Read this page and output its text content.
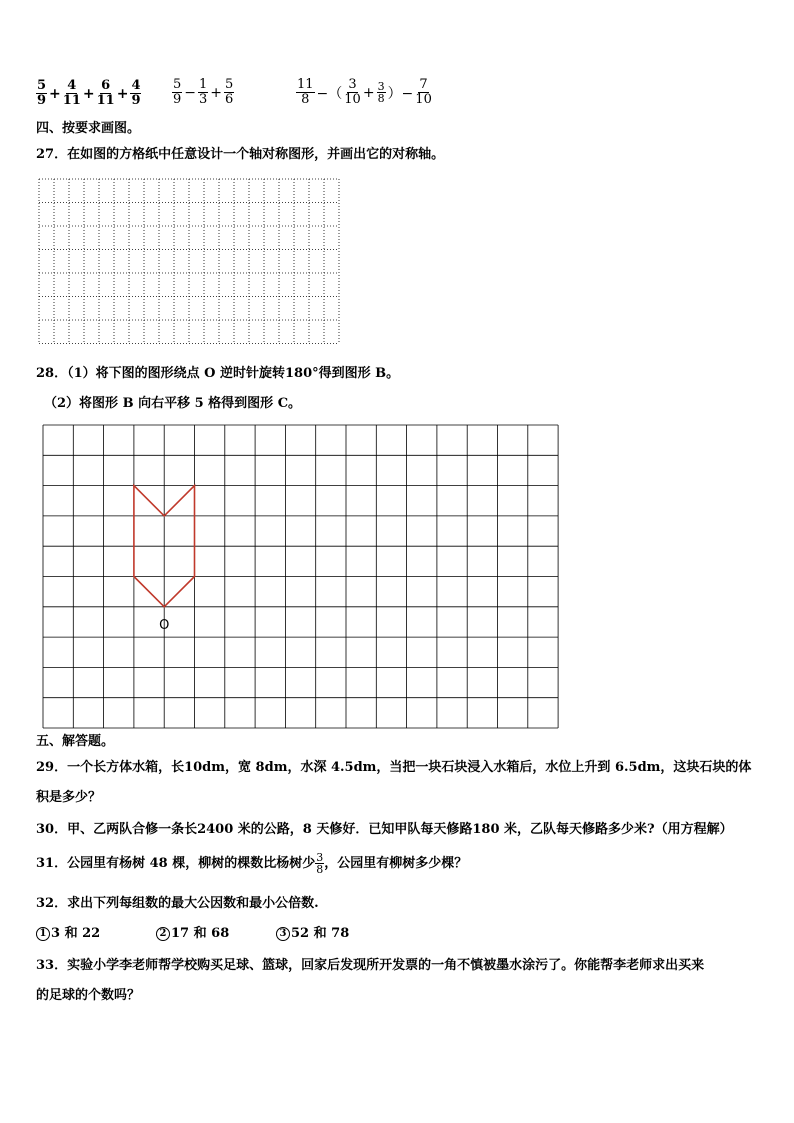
$\frac{5}{9} + \frac{4}{11} + \frac{6}{11} + \frac{4}{9} \frac{5}{9} - \frac{1}{3} + \frac{5}{6}$	$\frac{11}{8}$ −（ $\frac{3}{10} + \frac{3}{8}$ ）− $\frac{7}{10}$
四、按要求画图。
27．在如图的方格纸中任意设计一个轴对称图形，并画出它的对称轴。
28．（1）将下图的图形绕点 O 逆时针旋转180°得到图形 B。
（2）将图形 B 向右平移 5 格得到图形 C。
O
五、解答题。
29．一个长方体水箱，长10dm，宽 8dm，水深 4.5dm，当把一块石块浸入水箱后，水位上升到 6.5dm，这块石块的体
积是多少？
30．甲、乙两队合修一条长2400 米的公路，8 天修好．已知甲队每天修路180 米，乙队每天修路多少米?（用方程解）
31．公园里有杨树 48 棵，柳树的棵数比杨树少 $\frac{3}{8}$ ，公园里有柳树多少棵？
32．求出下列每组数的最大公因数和最小公倍数.
1 3 和 22	2 17 和 68	3 52 和 78
33．实验小学李老师帮学校购买足球、篮球，回家后发现所开发票的一角不慎被墨水涂污了。你能帮李老师求出买来
的足球的个数吗？
